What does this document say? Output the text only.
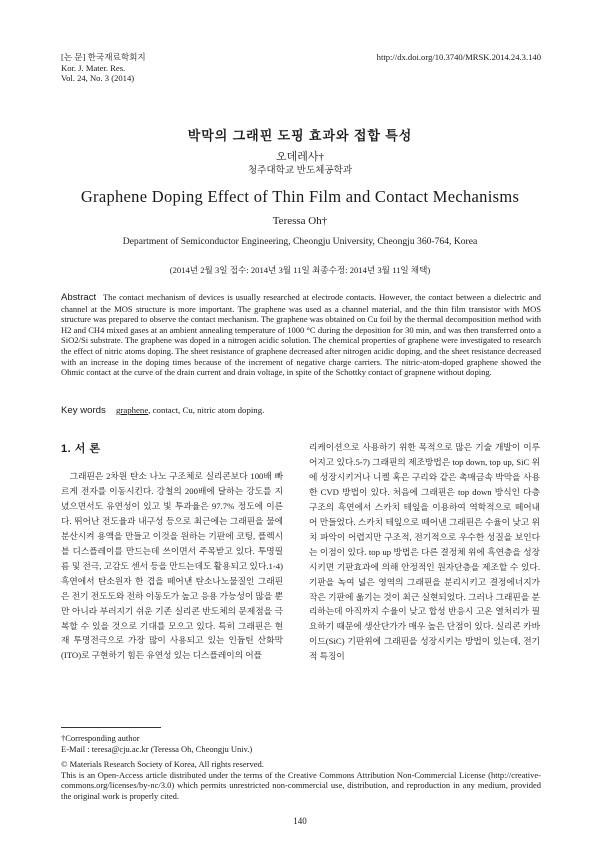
[논 문] 한국재료학회지
Kor. J. Mater. Res.
Vol. 24, No. 3 (2014)
http://dx.doi.org/10.3740/MRSK.2014.24.3.140
박막의 그래핀 도핑 효과와 접합 특성
오데레사†
청주대학교 반도체공학과
Graphene Doping Effect of Thin Film and Contact Mechanisms
Teressa Oh†
Department of Semiconductor Engineering, Cheongju University, Cheongju 360-764, Korea
(2014년 2월 3일 접수: 2014년 3월 11일 최종수정: 2014년 3월 11일 채택)
Abstract The contact mechanism of devices is usually researched at electrode contacts. However, the contact between a dielectric and channel at the MOS structure is more important. The graphene was used as a channel material, and the thin film transistor with MOS structure was prepared to observe the contact mechanism. The graphene was obtained on Cu foil by the thermal decomposition method with H2 and CH4 mixed gases at an ambient annealing temperature of 1000 °C during the deposition for 30 min, and was then transferred onto a SiO2/Si substrate. The graphene was doped in a nitrogen acidic solution. The chemical properties of graphene were investigated to research the effect of nitric atoms doping. The sheet resistance of graphene decreased after nitrogen acidic doping, and the sheet resistance decreased with an increase in the doping times because of the increment of negative charge carriers. The nitric-atom-doped graphene showed the Ohmic contact at the curve of the drain current and drain voltage, in spite of the Schottky contact of grapnene without doping.
Key words graphene, contact, Cu, nitric atom doping.
1. 서 론
그래핀은 2차원 탄소 나노 구조체로 실리콘보다 100배 빠르게 전자를 이동시킨다. 강철의 200배에 달하는 강도를 지녔으면서도 유연성이 있고 빛 투과율은 97.7% 정도에 이른다. 뛰어난 전도율과 내구성 등으로 최근에는 그래핀을 물에 분산시켜 용액을 만들고 이것을 원하는 기판에 코팅, 플렉시블 디스플레이를 만드는데 쓰이면서 주목받고 있다. 투명필름 및 전극, 고감도 센서 등을 만드는데도 활용되고 있다.1-4) 흑연에서 탄소원자 한 겹을 떼어낸 탄소나노물질인 그래핀은 전기 전도도와 전하 이동도가 높고 응용 가능성이 많을 뿐만 아니라 부러지기 쉬운 기존 실리콘 반도체의 문제점을 극복할 수 있을 것으로 기대를 모으고 있다. 특히 그래핀은 현재 투명전극으로 가장 많이 사용되고 있는 인듐틴 산화막(ITO)로 구현하기 힘든 유연성 있는 디스플레이의 어플
리케이션으로 사용하기 위한 목적으로 많은 기술 개발이 이루어지고 있다.5-7) 그래핀의 제조방법은 top down, top up, SiC 위에 성장시키거나 니켈 혹은 구리와 같은 촉매금속 박막을 사용한 CVD 방법이 있다. 처음에 그래핀은 top down 방식인 다층 구조의 흑연에서 스카치 테잎을 이용하여 역학적으로 떼어내어 만들었다. 스카치 테잎으로 떼어낸 그래핀은 수율이 낮고 위치 파악이 어렵지만 구조적, 전기적으로 우수한 성질을 보인다는 이점이 있다. top up 방법은 다른 결정체 위에 흑연층을 성장시키면 기판효과에 의해 안정적인 원자단층을 제조할 수 있다. 기판을 녹여 넓은 영역의 그래핀을 분리시키고 결정에너지가 작은 기판에 옮기는 것이 최근 실현되었다. 그러나 그래핀을 분리하는데 아직까지 수율이 낮고 합성 반응시 고온 열처리가 필요하기 때문에 생산단가가 매우 높은 단점이 있다. 실리콘 카바이드(SiC) 기판위에 그래핀을 성장시키는 방법이 있는데, 전기적 특징이
†Corresponding author
E-Mail : teresa@cju.ac.kr (Teressa Oh, Cheongju Univ.)
© Materials Research Society of Korea, All rights reserved.
This is an Open-Access article distributed under the terms of the Creative Commons Attribution Non-Commercial License (http://creative-commons.org/licenses/by-nc/3.0) which permits unrestricted non-commercial use, distribution, and reproduction in any medium, provided the original work is properly cited.
140
